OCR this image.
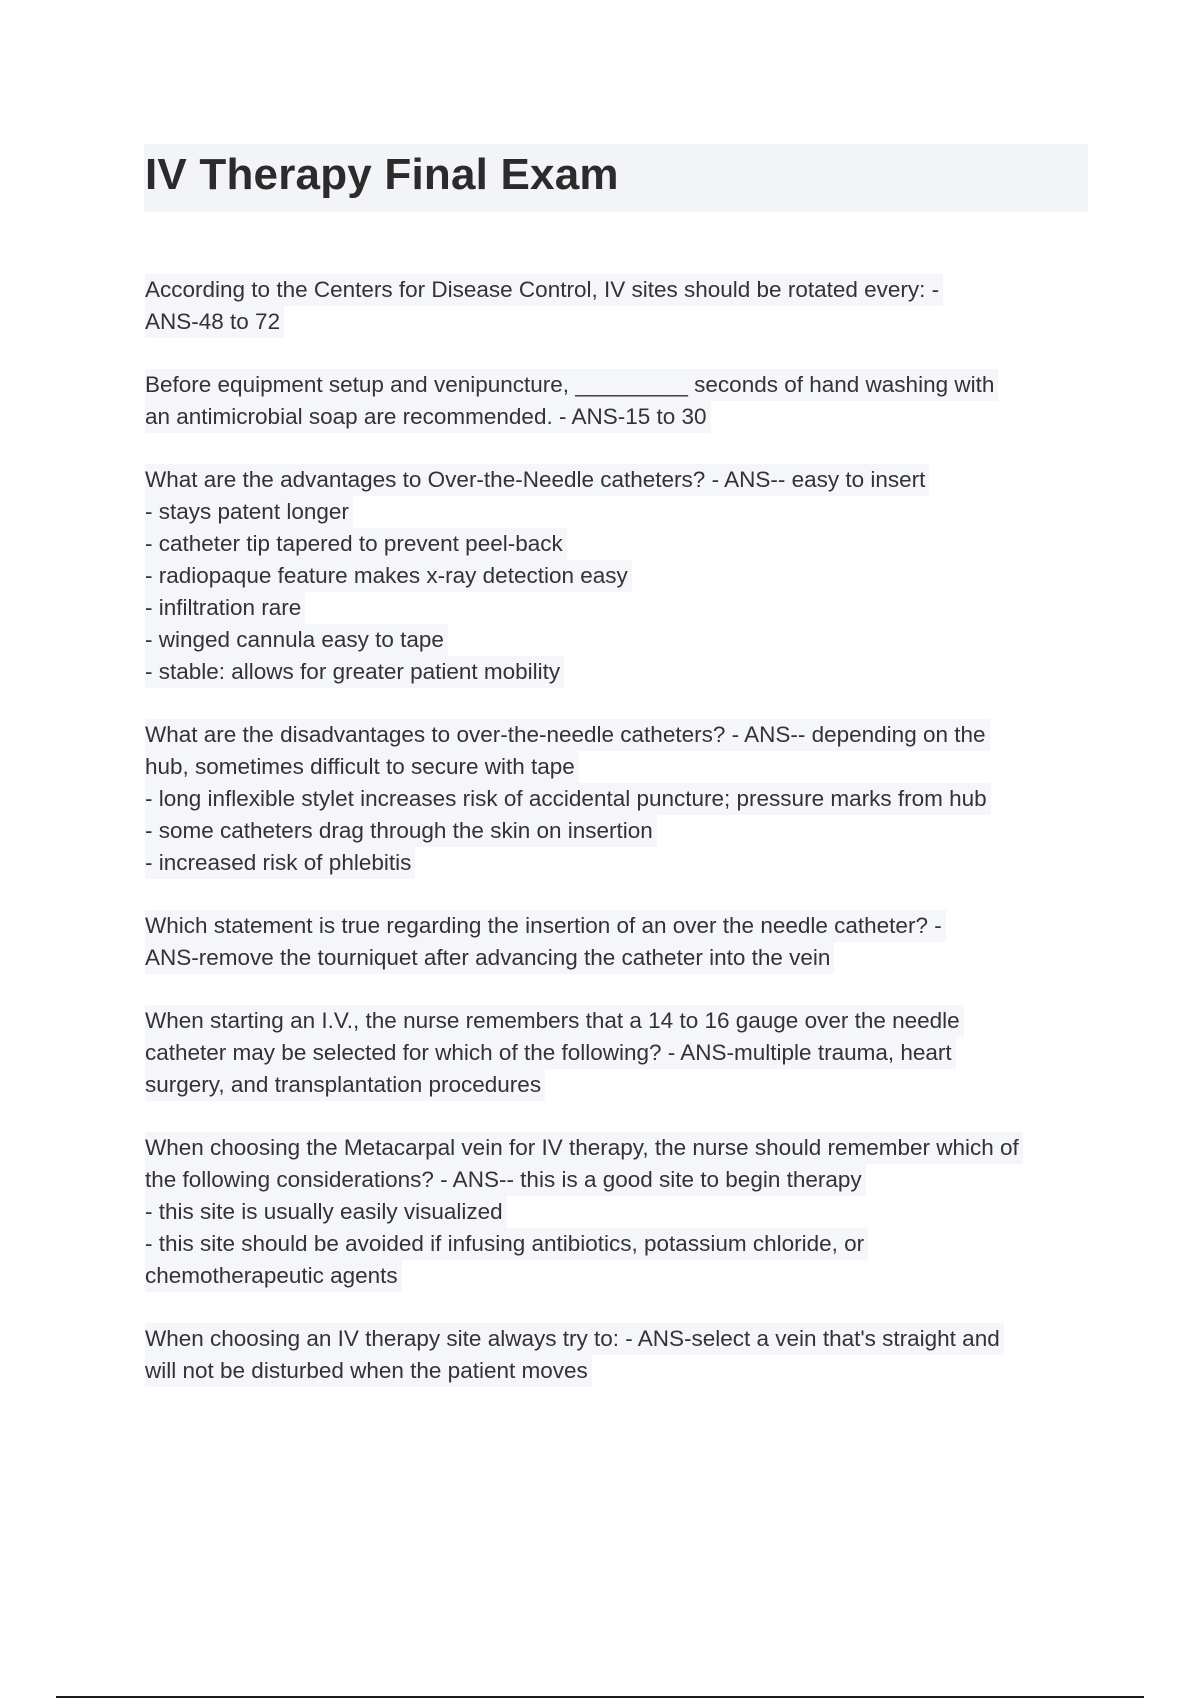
IV Therapy Final Exam
According to the Centers for Disease Control, IV sites should be rotated every: -
ANS-48 to 72
Before equipment setup and venipuncture, _________ seconds of hand washing with
an antimicrobial soap are recommended. - ANS-15 to 30
What are the advantages to Over-the-Needle catheters? - ANS-- easy to insert
- stays patent longer
- catheter tip tapered to prevent peel-back
- radiopaque feature makes x-ray detection easy
- infiltration rare
- winged cannula easy to tape
- stable: allows for greater patient mobility
What are the disadvantages to over-the-needle catheters? - ANS-- depending on the
hub, sometimes difficult to secure with tape
- long inflexible stylet increases risk of accidental puncture; pressure marks from hub
- some catheters drag through the skin on insertion
- increased risk of phlebitis
Which statement is true regarding the insertion of an over the needle catheter? -
ANS-remove the tourniquet after advancing the catheter into the vein
When starting an I.V., the nurse remembers that a 14 to 16 gauge over the needle
catheter may be selected for which of the following? - ANS-multiple trauma, heart
surgery, and transplantation procedures
When choosing the Metacarpal vein for IV therapy, the nurse should remember which of
the following considerations? - ANS-- this is a good site to begin therapy
- this site is usually easily visualized
- this site should be avoided if infusing antibiotics, potassium chloride, or
chemotherapeutic agents
When choosing an IV therapy site always try to: - ANS-select a vein that's straight and
will not be disturbed when the patient moves
